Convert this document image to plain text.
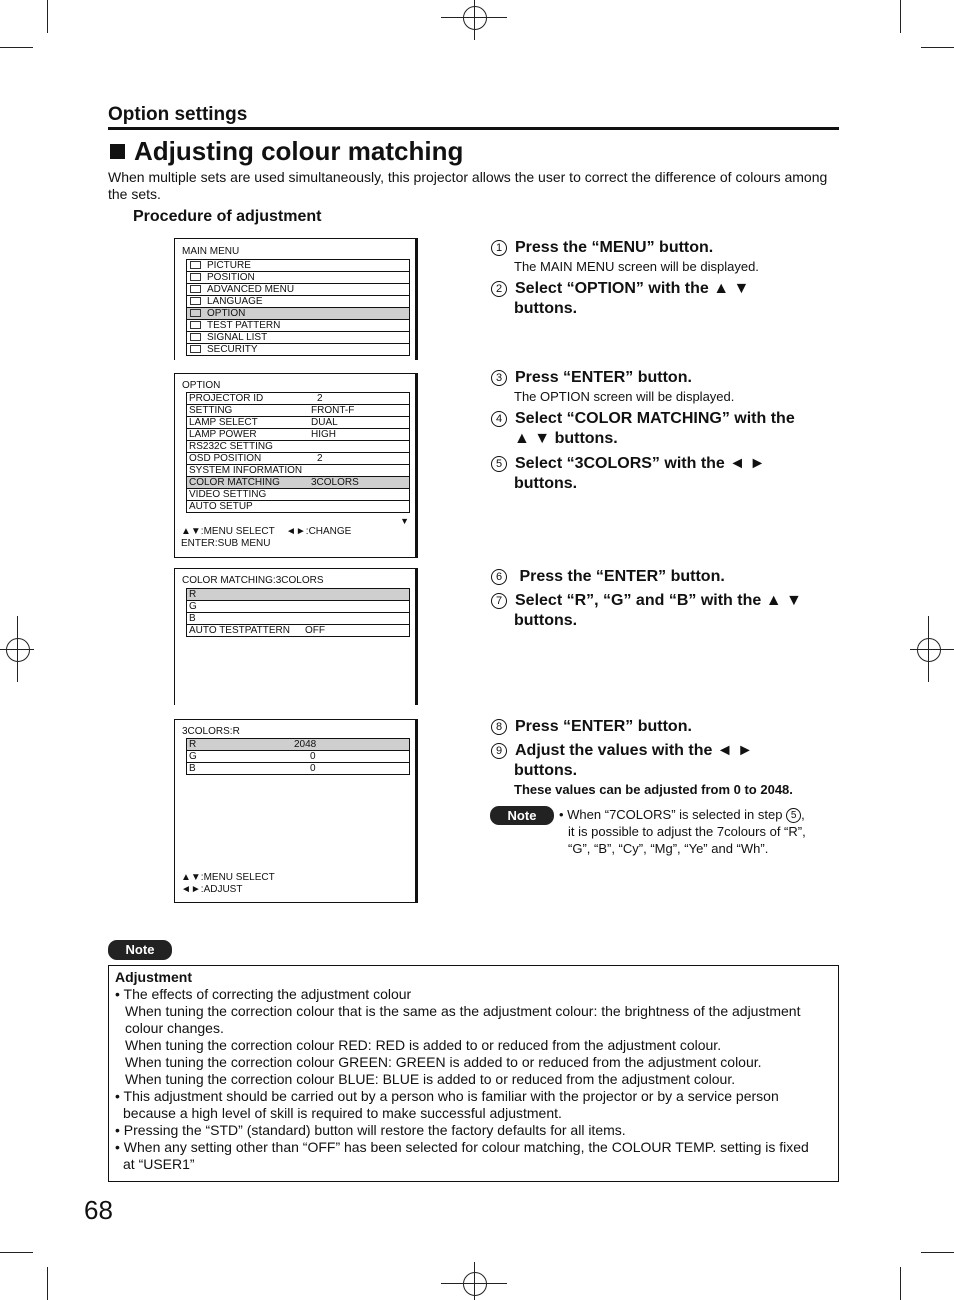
Option settings
Adjusting colour matching
When multiple sets are used simultaneously, this projector allows the user to correct the difference of colours among the sets.
Procedure of adjustment
MAIN MENU
PICTURE
POSITION
ADVANCED MENU
LANGUAGE
OPTION
TEST PATTERN
SIGNAL LIST
SECURITY
OPTION
PROJECTOR ID	2
SETTING	FRONT-F
LAMP SELECT	DUAL
LAMP POWER	HIGH
RS232C SETTING
OSD POSITION	2
SYSTEM INFORMATION
COLOR MATCHING	3COLORS
VIDEO SETTING
AUTO SETUP
▼
▲▼:MENU SELECT ◄►:CHANGE
ENTER:SUB MENU
COLOR MATCHING:3COLORS
R
G
B
AUTO TESTPATTERN OFF
3COLORS:R
R	2048
G	0
B	0
▲▼:MENU SELECT
◄►:ADJUST
1 Press the “MENU” button.
The MAIN MENU screen will be displayed.
2 Select “OPTION” with the ▲ ▼
buttons.
3 Press “ENTER” button.
The OPTION screen will be displayed.
4 Select “COLOR MATCHING” with the
▲ ▼ buttons.
5 Select “3COLORS” with the ◄ ►
buttons.
6 Press the “ENTER” button.
7 Select “R”, “G” and “B” with the ▲ ▼
buttons.
8 Press “ENTER” button.
9 Adjust the values with the ◄ ►
buttons.
These values can be adjusted from 0 to 2048.
Note	• When “7COLORS” is selected in step 5 ,
it is possible to adjust the 7colours of “R”,
“G”, “B”, “Cy”, “Mg”, “Ye” and “Wh”.
Note

Adjustment

• The effects of correcting the adjustment colour

When tuning the correction colour that is the same as the adjustment colour: the brightness of the adjustment

colour changes.

When tuning the correction colour RED: RED is added to or reduced from the adjustment colour.

When tuning the correction colour GREEN: GREEN is added to or reduced from the adjustment colour.

When tuning the correction colour BLUE: BLUE is added to or reduced from the adjustment colour.

• This adjustment should be carried out by a person who is familiar with the projector or by a service person

because a high level of skill is required to make successful adjustment.

• Pressing the “STD” (standard) button will restore the factory defaults for all items.

• When any setting other than “OFF” has been selected for colour matching, the COLOUR TEMP. setting is fixed

at “USER1”

68
